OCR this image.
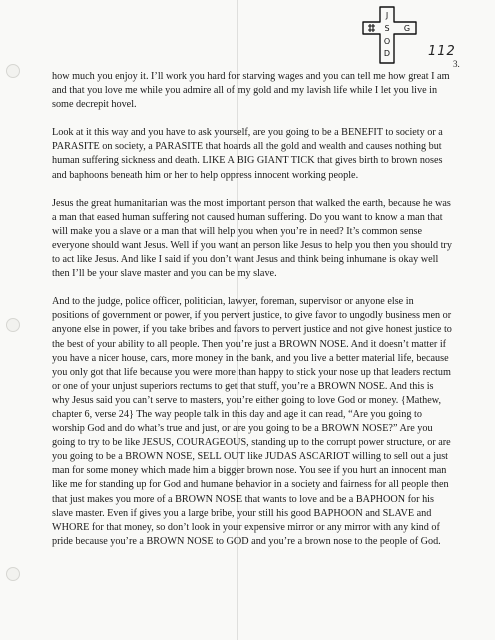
J
S G
O
D	112
3.

how much you enjoy it. I’ll work you hard for starving wages and you can tell me how great I am and that you love me while you admire all of my gold and my lavish life while I let you live in some decrepit hovel.

Look at it this way and you have to ask yourself, are you going to be a BENEFIT to society or a PARASITE on society, a PARASITE that hoards all the gold and wealth and causes nothing but human suffering sickness and death. LIKE A BIG GIANT TICK that gives birth to brown noses and baphoons beneath him or her to help oppress innocent working people.

Jesus the great humanitarian was the most important person that walked the earth, because he was a man that eased human suffering not caused human suffering. Do you want to know a man that will make you a slave or a man that will help you when you’re in need? It’s common sense everyone should want Jesus. Well if you want an person like Jesus to help you then you should try to act like Jesus. And like I said if you don’t want Jesus and think being inhumane is okay well then I’ll be your slave master and you can be my slave.

And to the judge, police officer, politician, lawyer, foreman, supervisor or anyone else in positions of government or power, if you pervert justice, to give favor to ungodly business men or anyone else in power, if you take bribes and favors to pervert justice and not give honest justice to the best of your ability to all people. Then you’re just a BROWN NOSE. And it doesn’t matter if you have a nicer house, cars, more money in the bank, and you live a better material life, because you only got that life because you were more than happy to stick your nose up that leaders rectum or one of your unjust superiors rectums to get that stuff, you’re a BROWN NOSE. And this is why Jesus said you can’t serve to masters, you’re either going to love God or money. {Mathew, chapter 6, verse 24} The way people talk in this day and age it can read, “Are you going to worship God and do what’s true and just, or are you going to be a BROWN NOSE?” Are you going to try to be like JESUS, COURAGEOUS, standing up to the corrupt power structure, or are you going to be a BROWN NOSE, SELL OUT like JUDAS ASCARIOT willing to sell out a just man for some money which made him a bigger brown nose. You see if you hurt an innocent man like me for standing up for God and humane behavior in a society and fairness for all people then that just makes you more of a BROWN NOSE that wants to love and be a BAPHOON for his slave master. Even if gives you a large bribe, your still his good BAPHOON and SLAVE and WHORE for that money, so don’t look in your expensive mirror or any mirror with any kind of pride because you’re a BROWN NOSE to GOD and you’re a brown nose to the people of God.
